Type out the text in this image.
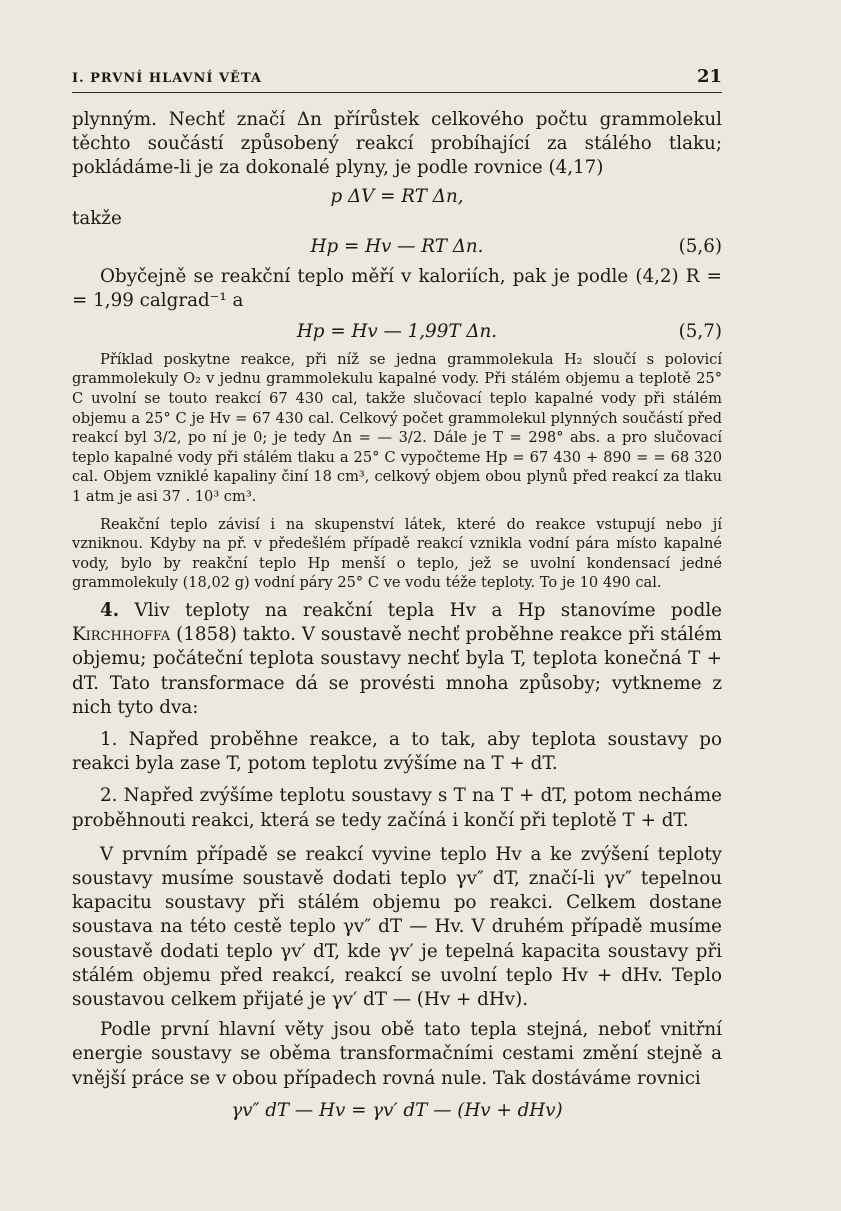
I. PRVNÍ HLAVNÍ VĚTA	21

plynným. Nechť značí Δn přírůstek celkového počtu grammolekul těchto součástí způsobený reakcí probíhající za stálého tlaku; pokládáme-li je za dokonalé plyny, je podle rovnice (4,17)

p ΔV = RT Δn,

takže

Hp = Hv — RT Δn.	(5,6)

Obyčejně se reakční teplo měří v kaloriích, pak je podle (4,2) R = = 1,99 calgrad⁻¹ a

Hp = Hv — 1,99T Δn.	(5,7)

Příklad poskytne reakce, při níž se jedna grammolekula H₂ sloučí s polovicí grammolekuly O₂ v jednu grammolekulu kapalné vody. Při stálém objemu a teplotě 25° C uvolní se touto reakcí 67 430 cal, takže slučovací teplo kapalné vody při stálém objemu a 25° C je Hv = 67 430 cal. Celkový počet grammolekul plynných součástí před reakcí byl 3/2, po ní je 0; je tedy Δn = — 3/2. Dále je T = 298° abs. a pro slučovací teplo kapalné vody při stálém tlaku a 25° C vypočteme Hp = 67 430 + 890 = = 68 320 cal. Objem vzniklé kapaliny činí 18 cm³, celkový objem obou plynů před reakcí za tlaku 1 atm je asi 37 . 10³ cm³.

Reakční teplo závisí i na skupenství látek, které do reakce vstupují nebo jí vzniknou. Kdyby na př. v předešlém případě reakcí vznikla vodní pára místo kapalné vody, bylo by reakční teplo Hp menší o teplo, jež se uvolní kondensací jedné grammolekuly (18,02 g) vodní páry 25° C ve vodu téže teploty. To je 10 490 cal.

4. Vliv teploty na reakční tepla Hv a Hp stanovíme podle Kirchhoffa (1858) takto. V soustavě nechť proběhne reakce při stálém objemu; počáteční teplota soustavy nechť byla T, teplota konečná T + dT. Tato transformace dá se provésti mnoha způsoby; vytkneme z nich tyto dva:

1. Napřed proběhne reakce, a to tak, aby teplota soustavy po reakci byla zase T, potom teplotu zvýšíme na T + dT.

2. Napřed zvýšíme teplotu soustavy s T na T + dT, potom necháme proběhnouti reakci, která se tedy začíná i končí při teplotě T + dT.

V prvním případě se reakcí vyvine teplo Hv a ke zvýšení teploty soustavy musíme soustavě dodati teplo γv″ dT, značí-li γv″ tepelnou kapacitu soustavy při stálém objemu po reakci. Celkem dostane soustava na této cestě teplo γv″ dT — Hv. V druhém případě musíme soustavě dodati teplo γv′ dT, kde γv′ je tepelná kapacita soustavy při stálém objemu před reakcí, reakcí se uvolní teplo Hv + dHv. Teplo soustavou celkem přijaté je γv′ dT — (Hv + dHv).

Podle první hlavní věty jsou obě tato tepla stejná, neboť vnitřní energie soustavy se oběma transformačními cestami změní stejně a vnější práce se v obou případech rovná nule. Tak dostáváme rovnici

γv″ dT — Hv = γv′ dT — (Hv + dHv)
